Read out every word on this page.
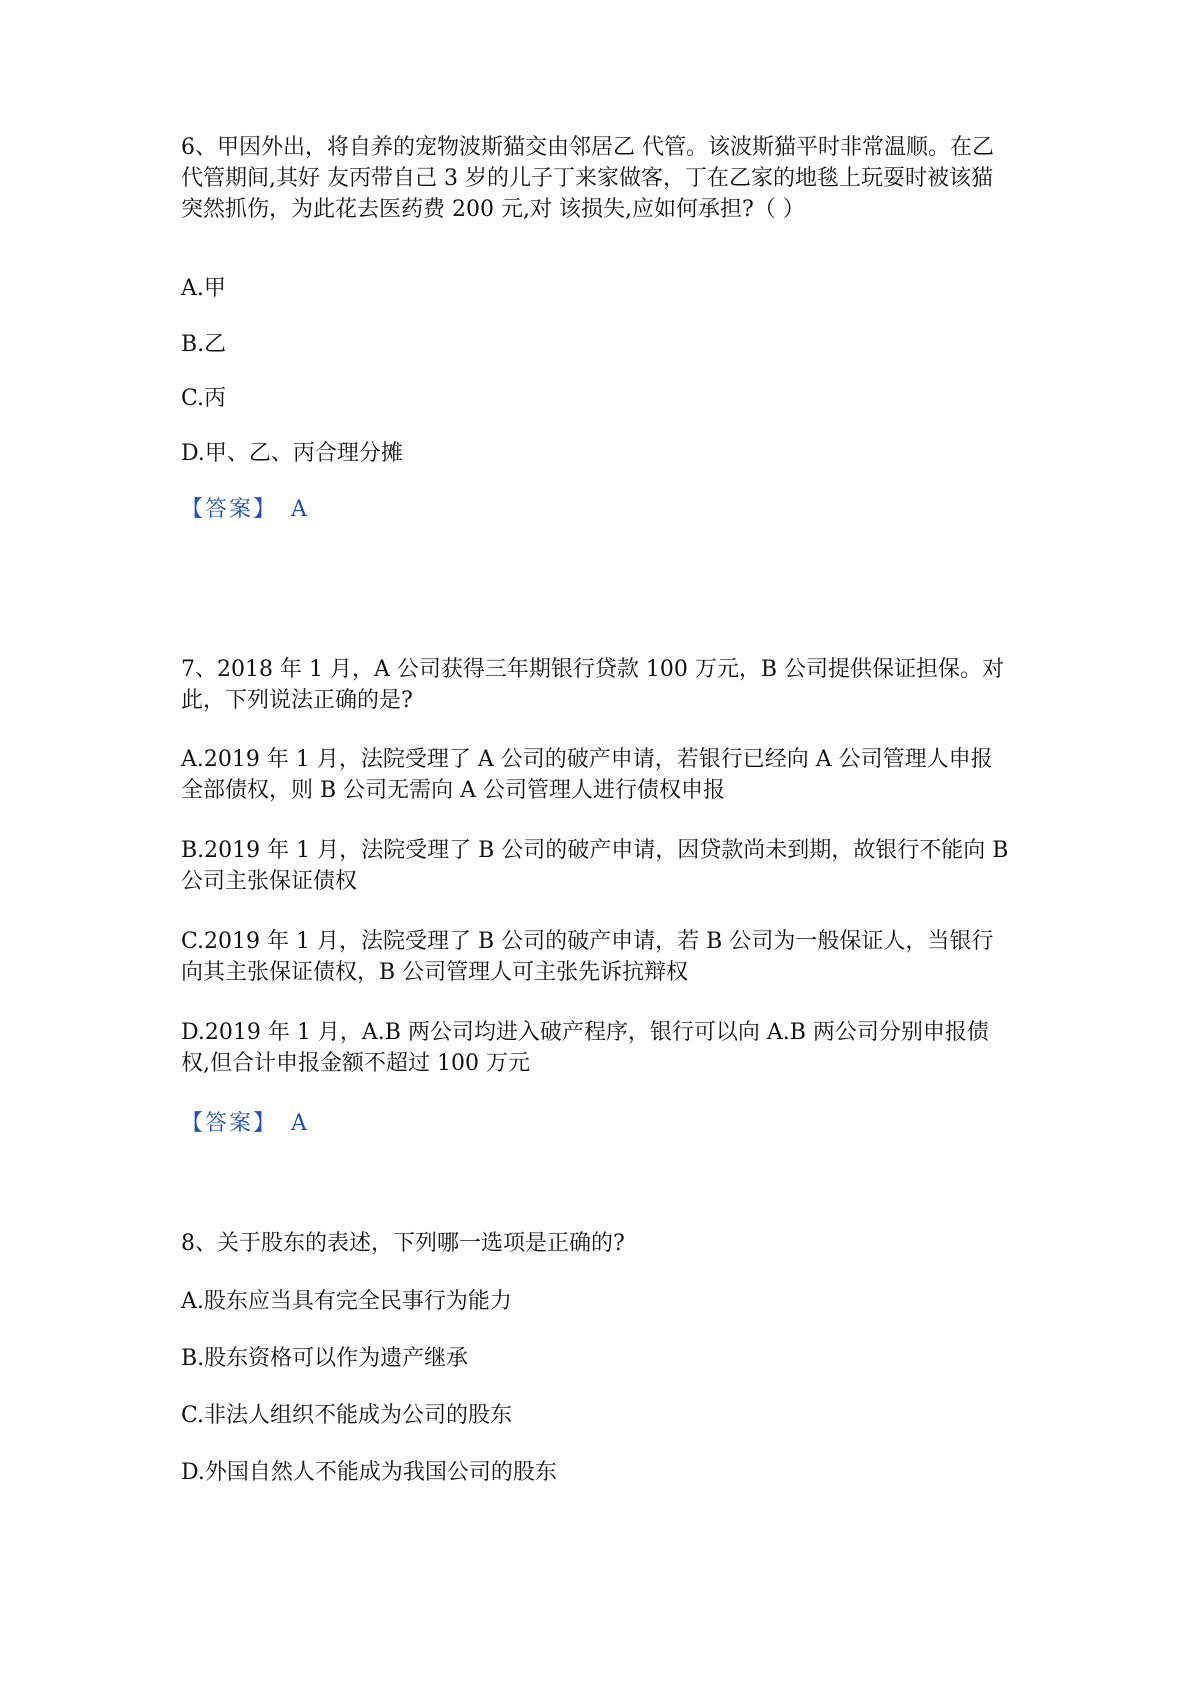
6、甲因外出，将自养的宠物波斯猫交由邻居乙 代管。该波斯猫平时非常温顺。在乙代管期间,其好 友丙带自己 3 岁的儿子丁来家做客，丁在乙家的地毯上玩耍时被该猫突然抓伤，为此花去医药费 200 元,对 该损失,应如何承担?（ ）

A.甲

B.乙

C.丙

D.甲、乙、丙合理分摊

【答案】 A

7、2018 年 1 月，A 公司获得三年期银行贷款 100 万元，B 公司提供保证担保。对此，下列说法正确的是?

A.2019 年 1 月，法院受理了 A 公司的破产申请，若银行已经向 A 公司管理人申报全部债权，则 B 公司无需向 A 公司管理人进行债权申报

B.2019 年 1 月，法院受理了 B 公司的破产申请，因贷款尚未到期，故银行不能向 B 公司主张保证债权

C.2019 年 1 月，法院受理了 B 公司的破产申请，若 B 公司为一般保证人，当银行向其主张保证债权，B 公司管理人可主张先诉抗辩权

D.2019 年 1 月，A.B 两公司均进入破产程序，银行可以向 A.B 两公司分别申报债权,但合计申报金额不超过 100 万元

【答案】 A

8、关于股东的表述，下列哪一选项是正确的?

A.股东应当具有完全民事行为能力

B.股东资格可以作为遗产继承

C.非法人组织不能成为公司的股东

D.外国自然人不能成为我国公司的股东
